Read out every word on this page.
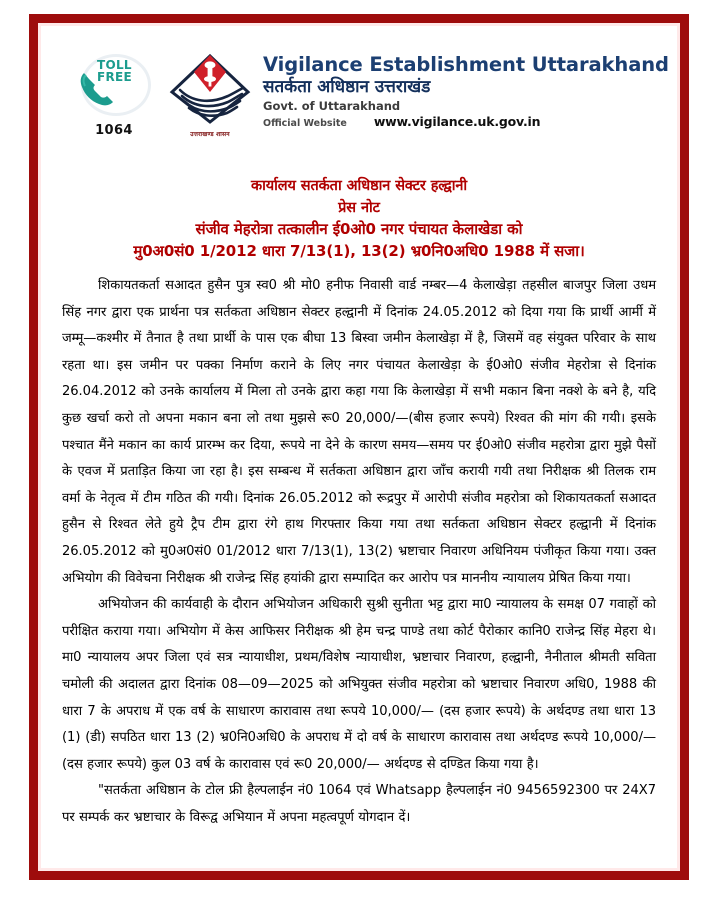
TOLL
FREE
1064	उत्तराखण्ड शासन
Vigilance Establishment Uttarakhand
सतर्कता अधिष्ठान उत्तराखंड
Govt. of Uttarakhand
Official Website www.vigilance.uk.gov.in
कार्यालय सतर्कता अधिष्ठान सेक्टर हल्द्वानी
प्रेस नोट
संजीव मेहरोत्रा तत्कालीन ई0ओ0 नगर पंचायत केलाखेडा को
मु0अ0सं0 1/2012 धारा 7/13(1), 13(2) भ्र0नि0अधि0 1988 में सजा।

शिकायतकर्ता सआदत हुसैन पुत्र स्व0 श्री मो0 हनीफ निवासी वार्ड नम्बर—4 केलाखेड़ा तहसील बाजपुर जिला उधम सिंह नगर द्वारा एक प्रार्थना पत्र सर्तकता अधिष्ठान सेक्टर हल्द्वानी में दिनांक 24.05.2012 को दिया गया कि प्रार्थी आर्मी में जम्मू—कश्मीर में तैनात है तथा प्रार्थी के पास एक बीघा 13 बिस्वा जमीन केलाखेड़ा में है, जिसमें वह संयुक्त परिवार के साथ रहता था। इस जमीन पर पक्का निर्माण कराने के लिए नगर पंचायत केलाखेड़ा के ई0ओ0 संजीव मेहरोत्रा से दिनांक 26.04.2012 को उनके कार्यालय में मिला तो उनके द्वारा कहा गया कि केलाखेड़ा में सभी मकान बिना नक्शे के बने है, यदि कुछ खर्चा करो तो अपना मकान बना लो तथा मुझसे रू0 20,000/—(बीस हजार रूपये) रिश्वत की मांग की गयी। इसके पश्चात मैंने मकान का कार्य प्रारम्भ कर दिया, रूपये ना देने के कारण समय—समय पर ई0ओ0 संजीव महरोत्रा द्वारा मुझे पैसों के एवज में प्रताड़ित किया जा रहा है। इस सम्बन्ध में सर्तकता अधिष्ठान द्वारा जॉंच करायी गयी तथा निरीक्षक श्री तिलक राम वर्मा के नेतृत्व में टीम गठित की गयी। दिनांक 26.05.2012 को रूद्रपुर में आरोपी संजीव महरोत्रा को शिकायतकर्ता सआदत हुसैन से रिश्वत लेते हुये ट्रैप टीम द्वारा रंगे हाथ गिरफ्तार किया गया तथा सर्तकता अधिष्ठान सेक्टर हल्द्वानी में दिनांक 26.05.2012 को मु0अ0सं0 01/2012 धारा 7/13(1), 13(2) भ्रष्टाचार निवारण अधिनियम पंजीकृत किया गया। उक्त अभियोग की विवेचना निरीक्षक श्री राजेन्द्र सिंह हयांकी द्वारा सम्पादित कर आरोप पत्र माननीय न्यायालय प्रेषित किया गया।

अभियोजन की कार्यवाही के दौरान अभियोजन अधिकारी सुश्री सुनीता भट्ट द्वारा मा0 न्यायालय के समक्ष 07 गवाहों को परीक्षित कराया गया। अभियोग में केस आफिसर निरीक्षक श्री हेम चन्द्र पाण्डे तथा कोर्ट पैरोकार कानि0 राजेन्द्र सिंह मेहरा थे। मा0 न्यायालय अपर जिला एवं सत्र न्यायाधीश, प्रथम/विशेष न्यायाधीश, भ्रष्टाचार निवारण, हल्द्वानी, नैनीताल श्रीमती सविता चमोली की अदालत द्वारा दिनांक 08—09—2025 को अभियुक्त संजीव महरोत्रा को भ्रष्टाचार निवारण अधि0, 1988 की धारा 7 के अपराध में एक वर्ष के साधारण कारावास तथा रूपये 10,000/— (दस हजार रूपये) के अर्थदण्ड तथा धारा 13 (1) (डी) सपठित धारा 13 (2) भ्र0नि0अधि0 के अपराध में दो वर्ष के साधारण कारावास तथा अर्थदण्ड रूपये 10,000/— (दस हजार रूपये) कुल 03 वर्ष के कारावास एवं रू0 20,000/— अर्थदण्ड से दण्डित किया गया है।

"सतर्कता अधिष्ठान के टोल फ्री हैल्पलाईन नं0 1064 एवं Whatsapp हैल्पलाईन नं0 9456592300 पर 24X7 पर सम्पर्क कर भ्रष्टाचार के विरूद्व अभियान में अपना महत्वपूर्ण योगदान दें।
